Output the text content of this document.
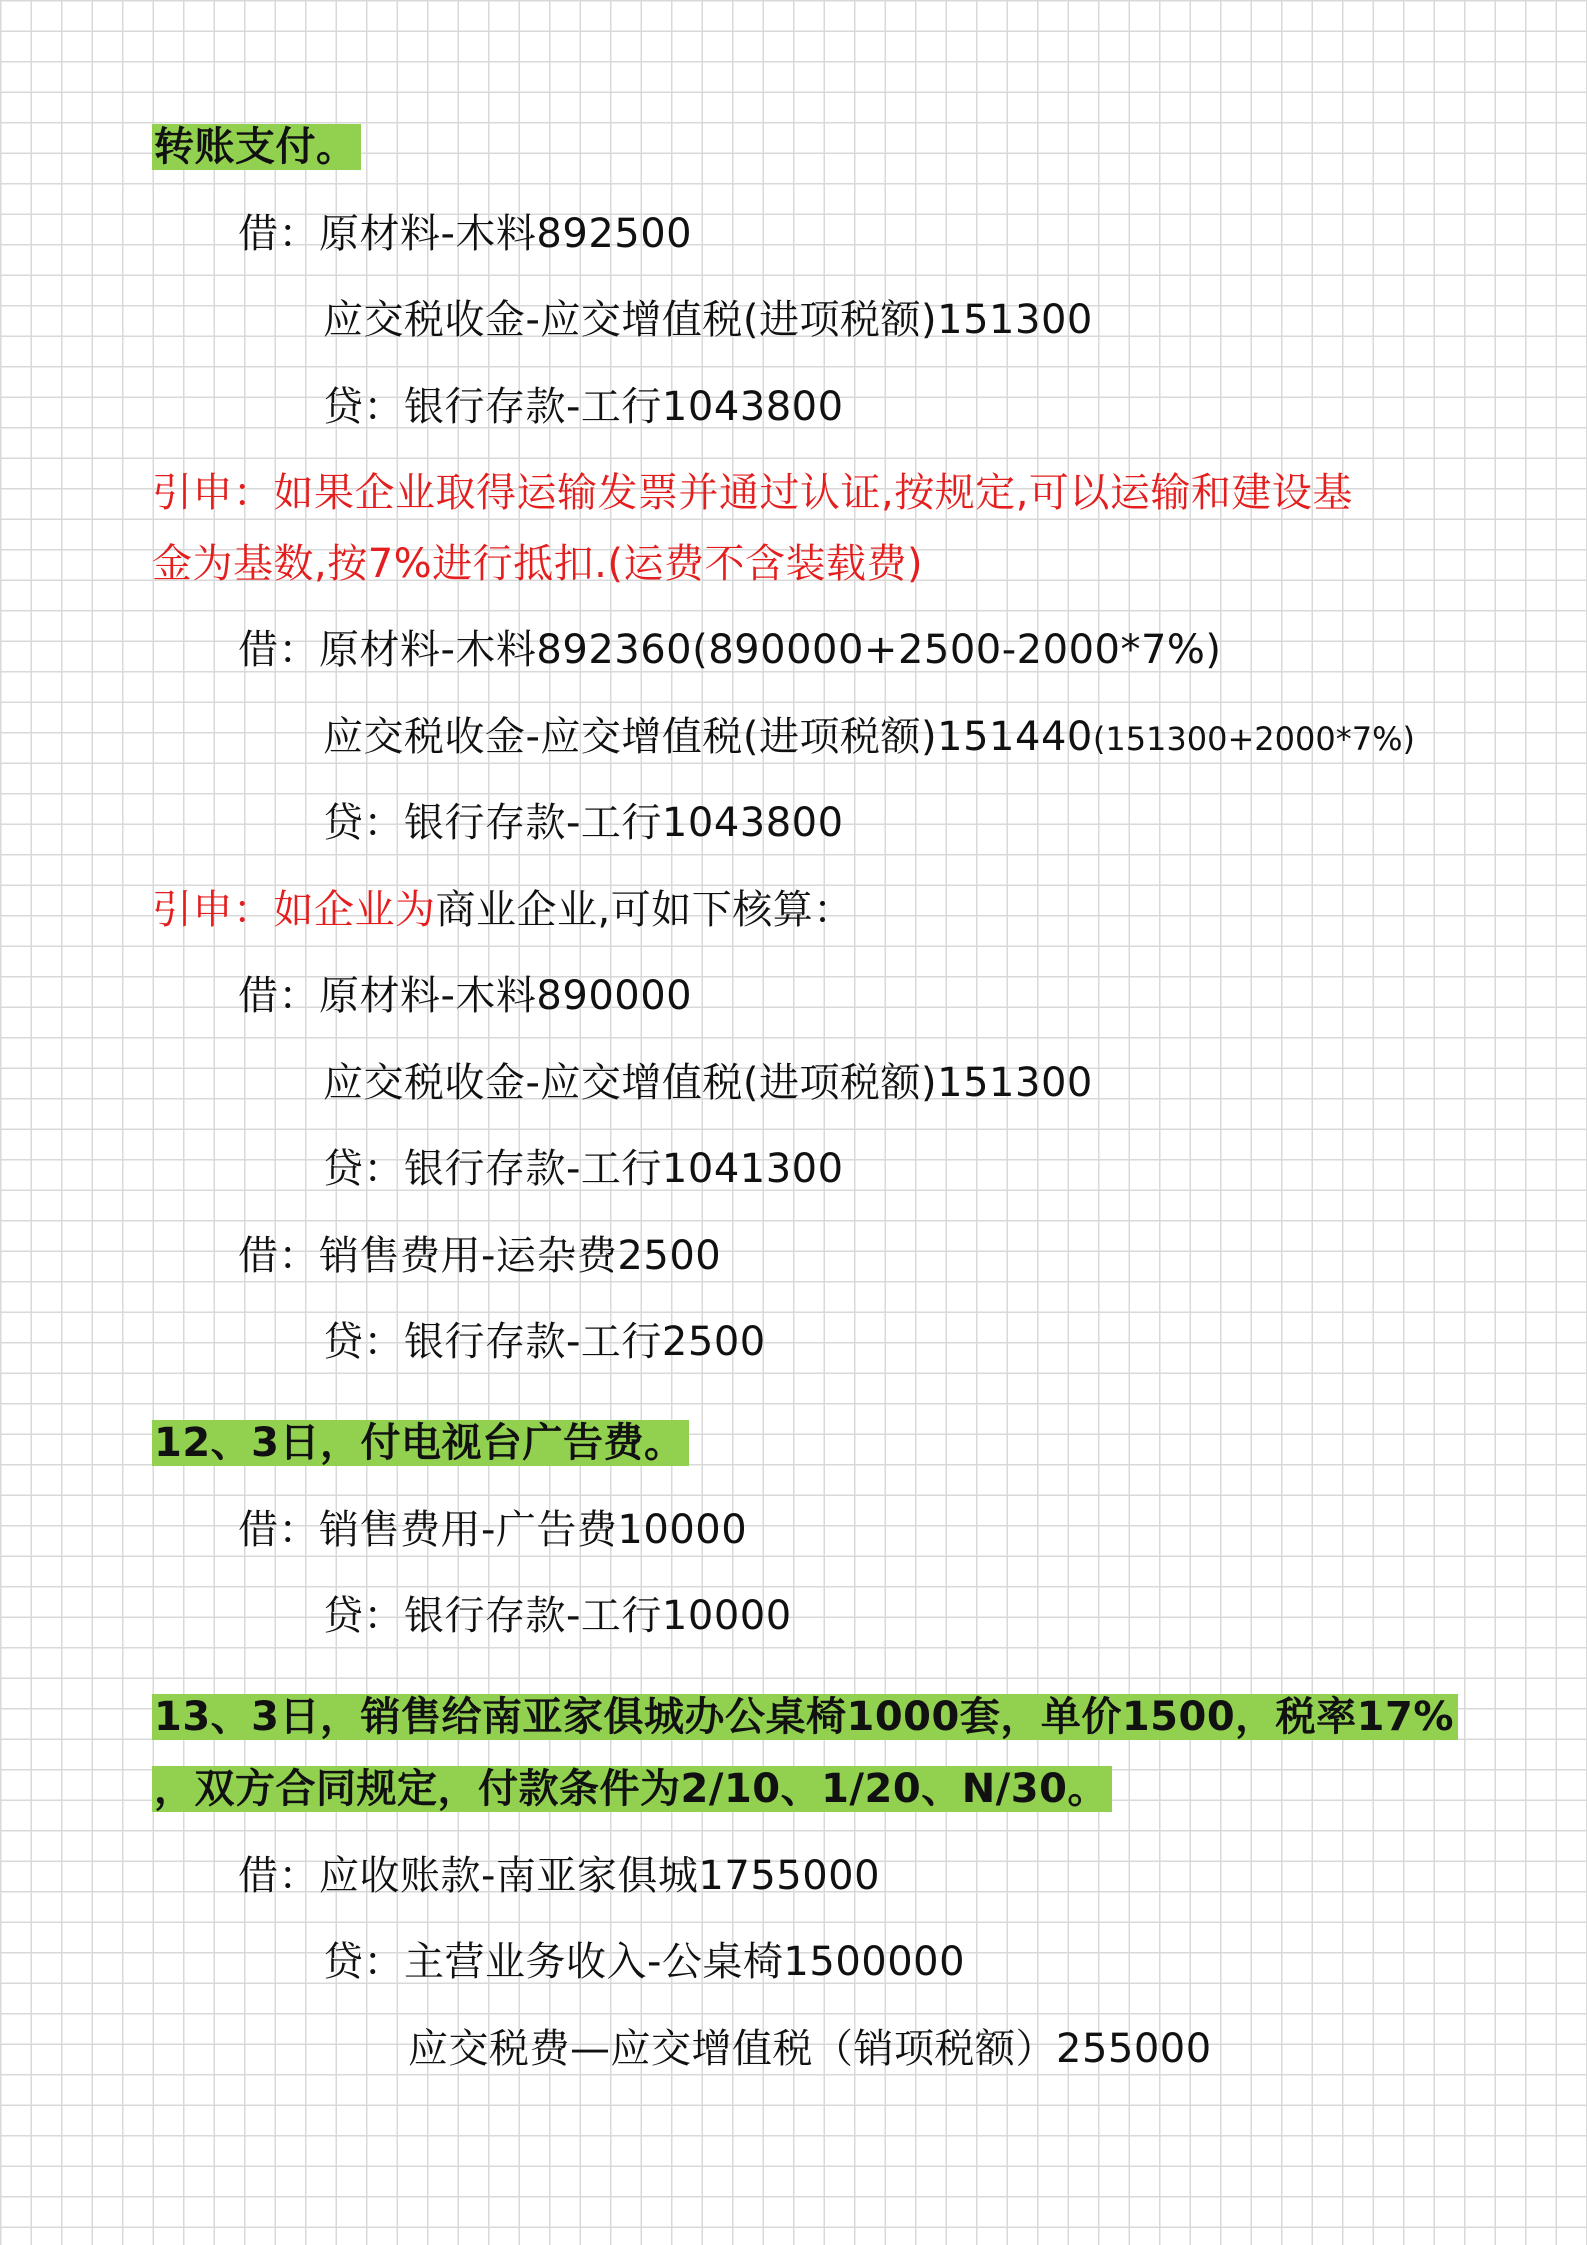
转账支付。
借：原材料-木料892500
应交税收金-应交增值税(进项税额)151300
贷：银行存款-工行1043800
引申：如果企业取得运输发票并通过认证,按规定,可以运输和建设基
金为基数,按7%进行抵扣.(运费不含装载费)
借：原材料-木料892360(890000+2500-2000*7%)
应交税收金-应交增值税(进项税额)151440(151300+2000*7%)
贷：银行存款-工行1043800
引申：如企业为商业企业,可如下核算：
借：原材料-木料890000
应交税收金-应交增值税(进项税额)151300
贷：银行存款-工行1041300
借：销售费用-运杂费2500
贷：银行存款-工行2500
12、3日，付电视台广告费。
借：销售费用-广告费10000
贷：银行存款-工行10000
13、3日，销售给南亚家俱城办公桌椅1000套，单价1500，税率17%
，双方合同规定，付款条件为2/10、1/20、N/30。
借：应收账款-南亚家俱城1755000
贷：主营业务收入-公桌椅1500000
应交税费—应交增值税（销项税额）255000
